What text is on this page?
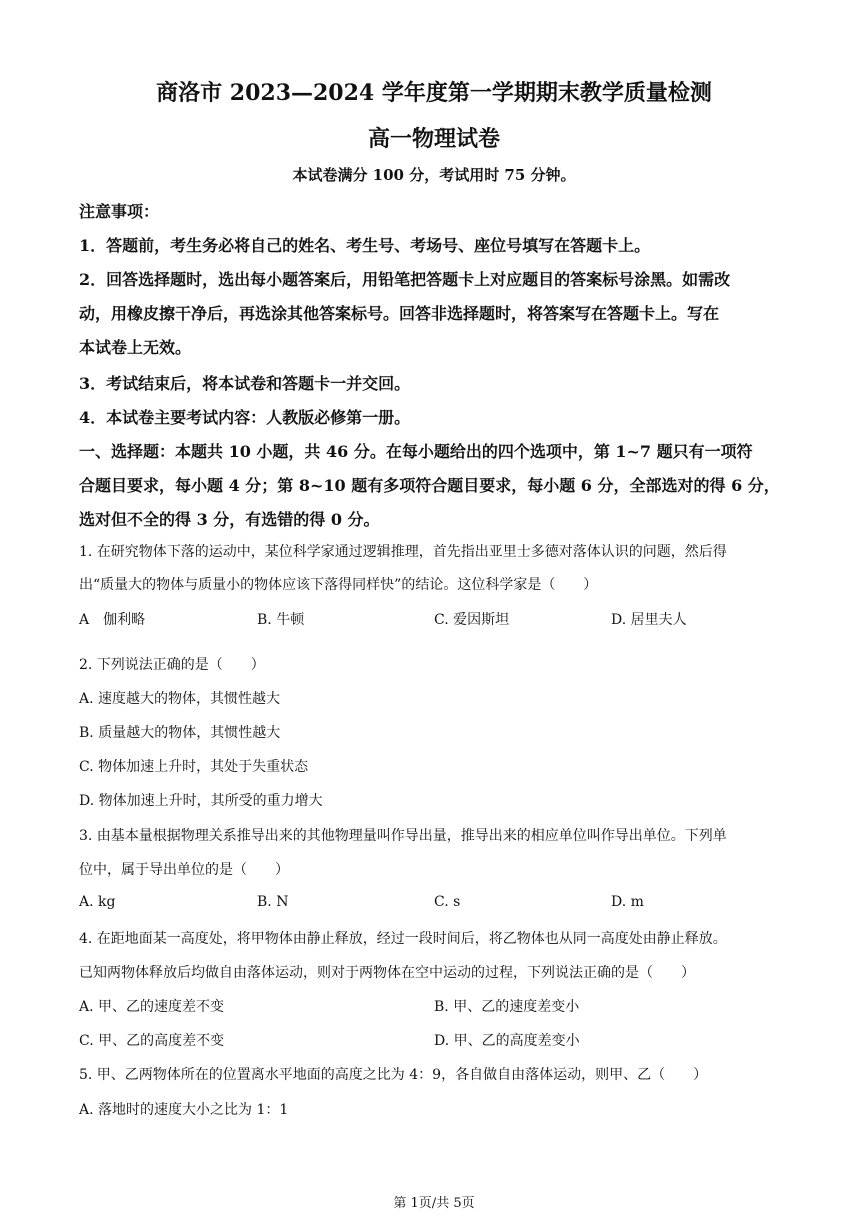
商洛市 2023—2024 学年度第一学期期末教学质量检测
高一物理试卷
本试卷满分 100 分，考试用时 75 分钟。
注意事项：
1．答题前，考生务必将自己的姓名、考生号、考场号、座位号填写在答题卡上。
2．回答选择题时，选出每小题答案后，用铅笔把答题卡上对应题目的答案标号涂黑。如需改
动，用橡皮擦干净后，再选涂其他答案标号。回答非选择题时，将答案写在答题卡上。写在
本试卷上无效。
3．考试结束后，将本试卷和答题卡一并交回。
4．本试卷主要考试内容：人教版必修第一册。
一、选择题：本题共 10 小题，共 46 分。在每小题给出的四个选项中，第 1~7 题只有一项符
合题目要求，每小题 4 分；第 8~10 题有多项符合题目要求，每小题 6 分，全部选对的得 6 分，
选对但不全的得 3 分，有选错的得 0 分。
1. 在研究物体下落的运动中，某位科学家通过逻辑推理，首先指出亚里士多德对落体认识的问题，然后得
出“质量大的物体与质量小的物体应该下落得同样快”的结论。这位科学家是（　　）
A　伽利略	B. 牛顿	C. 爱因斯坦	D. 居里夫人
2. 下列说法正确的是（　　）
A. 速度越大的物体，其惯性越大
B. 质量越大的物体，其惯性越大
C. 物体加速上升时，其处于失重状态
D. 物体加速上升时，其所受的重力增大
3. 由基本量根据物理关系推导出来的其他物理量叫作导出量，推导出来的相应单位叫作导出单位。下列单
位中，属于导出单位的是（　　）
A. kg	B. N	C. s	D. m
4. 在距地面某一高度处，将甲物体由静止释放，经过一段时间后，将乙物体也从同一高度处由静止释放。
已知两物体释放后均做自由落体运动，则对于两物体在空中运动的过程，下列说法正确的是（　　）
A. 甲、乙的速度差不变	B. 甲、乙的速度差变小
C. 甲、乙的高度差不变	D. 甲、乙的高度差变小
5. 甲、乙两物体所在的位置离水平地面的高度之比为 4：9，各自做自由落体运动，则甲、乙（　　）
A. 落地时的速度大小之比为 1：1
第 1页/共 5页
